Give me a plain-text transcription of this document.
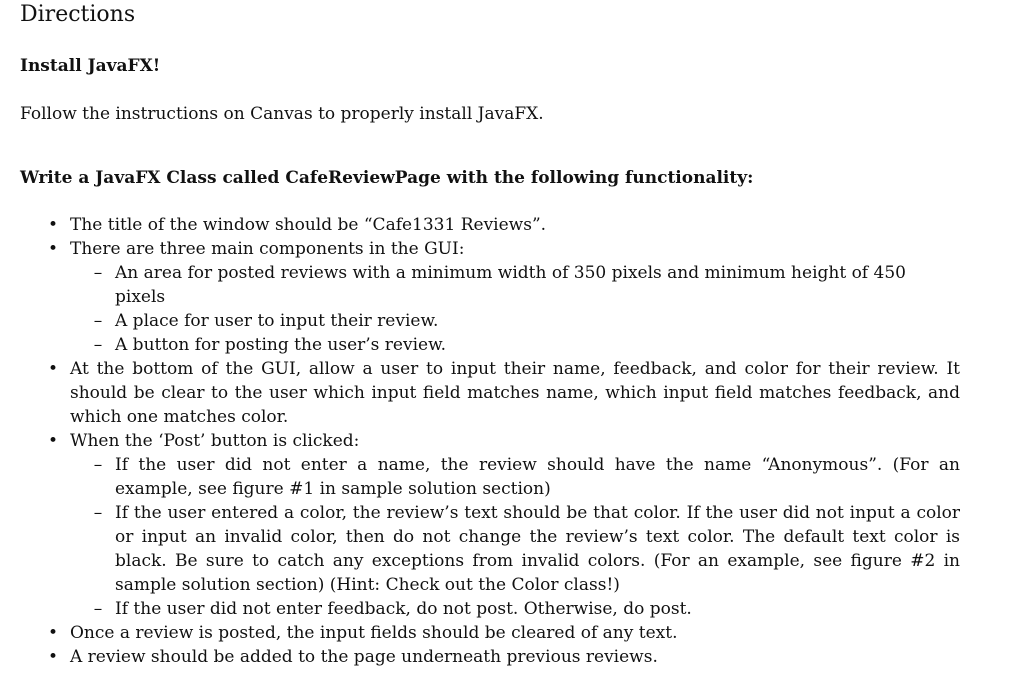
Directions
Install JavaFX!

Follow the instructions on Canvas to properly install JavaFX.

Write a JavaFX Class called CafeReviewPage with the following functionality:
• The title of the window should be “Cafe1331 Reviews”.
• There are three main components in the GUI:
– An area for posted reviews with a minimum width of 350 pixels and minimum height of 450 pixels
– A place for user to input their review.
– A button for posting the user’s review.
• At the bottom of the GUI, allow a user to input their name, feedback, and color for their review. It should be clear to the user which input field matches name, which input field matches feedback, and which one matches color.
• When the ‘Post’ button is clicked:
– If the user did not enter a name, the review should have the name “Anonymous”. (For an example, see figure #1 in sample solution section)
– If the user entered a color, the review’s text should be that color. If the user did not input a color or input an invalid color, then do not change the review’s text color. The default text color is black. Be sure to catch any exceptions from invalid colors. (For an example, see figure #2 in sample solution section) (Hint: Check out the Color class!)
– If the user did not enter feedback, do not post. Otherwise, do post.
• Once a review is posted, the input fields should be cleared of any text.
• A review should be added to the page underneath previous reviews.
